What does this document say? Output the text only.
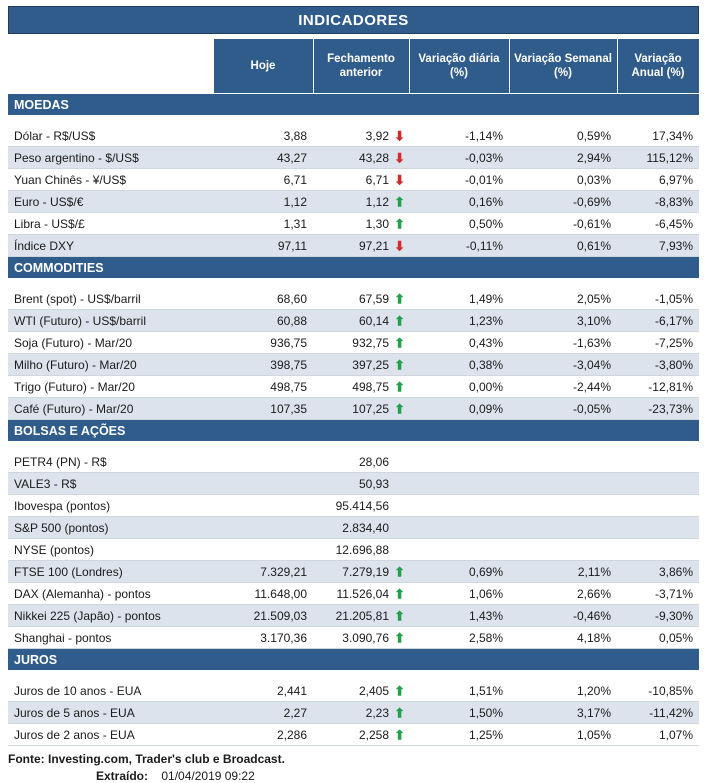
INDICADORES
	Hoje	Fechamento anterior	Variação diária (%)	Variação Semanal (%)	Variação Anual (%)
MOEDAS					

Dólar - R$/US$	3,88	3,92 ⬇	-1,14%	0,59%	17,34%
Peso argentino - $/US$	43,27	43,28 ⬇	-0,03%	2,94%	115,12%
Yuan Chinês - ¥/US$	6,71	6,71 ⬇	-0,01%	0,03%	6,97%
Euro - US$/€	1,12	1,12 ⬆	0,16%	-0,69%	-8,83%
Libra - US$/£	1,31	1,30 ⬆	0,50%	-0,61%	-6,45%
Índice DXY	97,11	97,21 ⬇	-0,11%	0,61%	7,93%
COMMODITIES					

Brent (spot) - US$/barril	68,60	67,59 ⬆	1,49%	2,05%	-1,05%
WTI (Futuro) - US$/barril	60,88	60,14 ⬆	1,23%	3,10%	-6,17%
Soja (Futuro) - Mar/20	936,75	932,75 ⬆	0,43%	-1,63%	-7,25%
Milho (Futuro) - Mar/20	398,75	397,25 ⬆	0,38%	-3,04%	-3,80%
Trigo (Futuro) - Mar/20	498,75	498,75 ⬆	0,00%	-2,44%	-12,81%
Café (Futuro) - Mar/20	107,35	107,25 ⬆	0,09%	-0,05%	-23,73%
BOLSAS E AÇÕES					

PETR4 (PN) - R$		28,06			
VALE3 - R$		50,93			
Ibovespa (pontos)		95.414,56			
S&P 500 (pontos)		2.834,40			
NYSE (pontos)		12.696,88			
FTSE 100 (Londres)	7.329,21	7.279,19 ⬆	0,69%	2,11%	3,86%
DAX (Alemanha) - pontos	11.648,00	11.526,04 ⬆	1,06%	2,66%	-3,71%
Nikkei 225 (Japão) - pontos	21.509,03	21.205,81 ⬆	1,43%	-0,46%	-9,30%
Shanghai - pontos	3.170,36	3.090,76 ⬆	2,58%	4,18%	0,05%
JUROS					

Juros de 10 anos - EUA	2,441	2,405 ⬆	1,51%	1,20%	-10,85%
Juros de 5 anos - EUA	2,27	2,23 ⬆	1,50%	3,17%	-11,42%
Juros de 2 anos - EUA	2,286	2,258 ⬆	1,25%	1,05%	1,07%
Fonte: Investing.com, Trader's club e Broadcast.
Extraído: 01/04/2019 09:22
